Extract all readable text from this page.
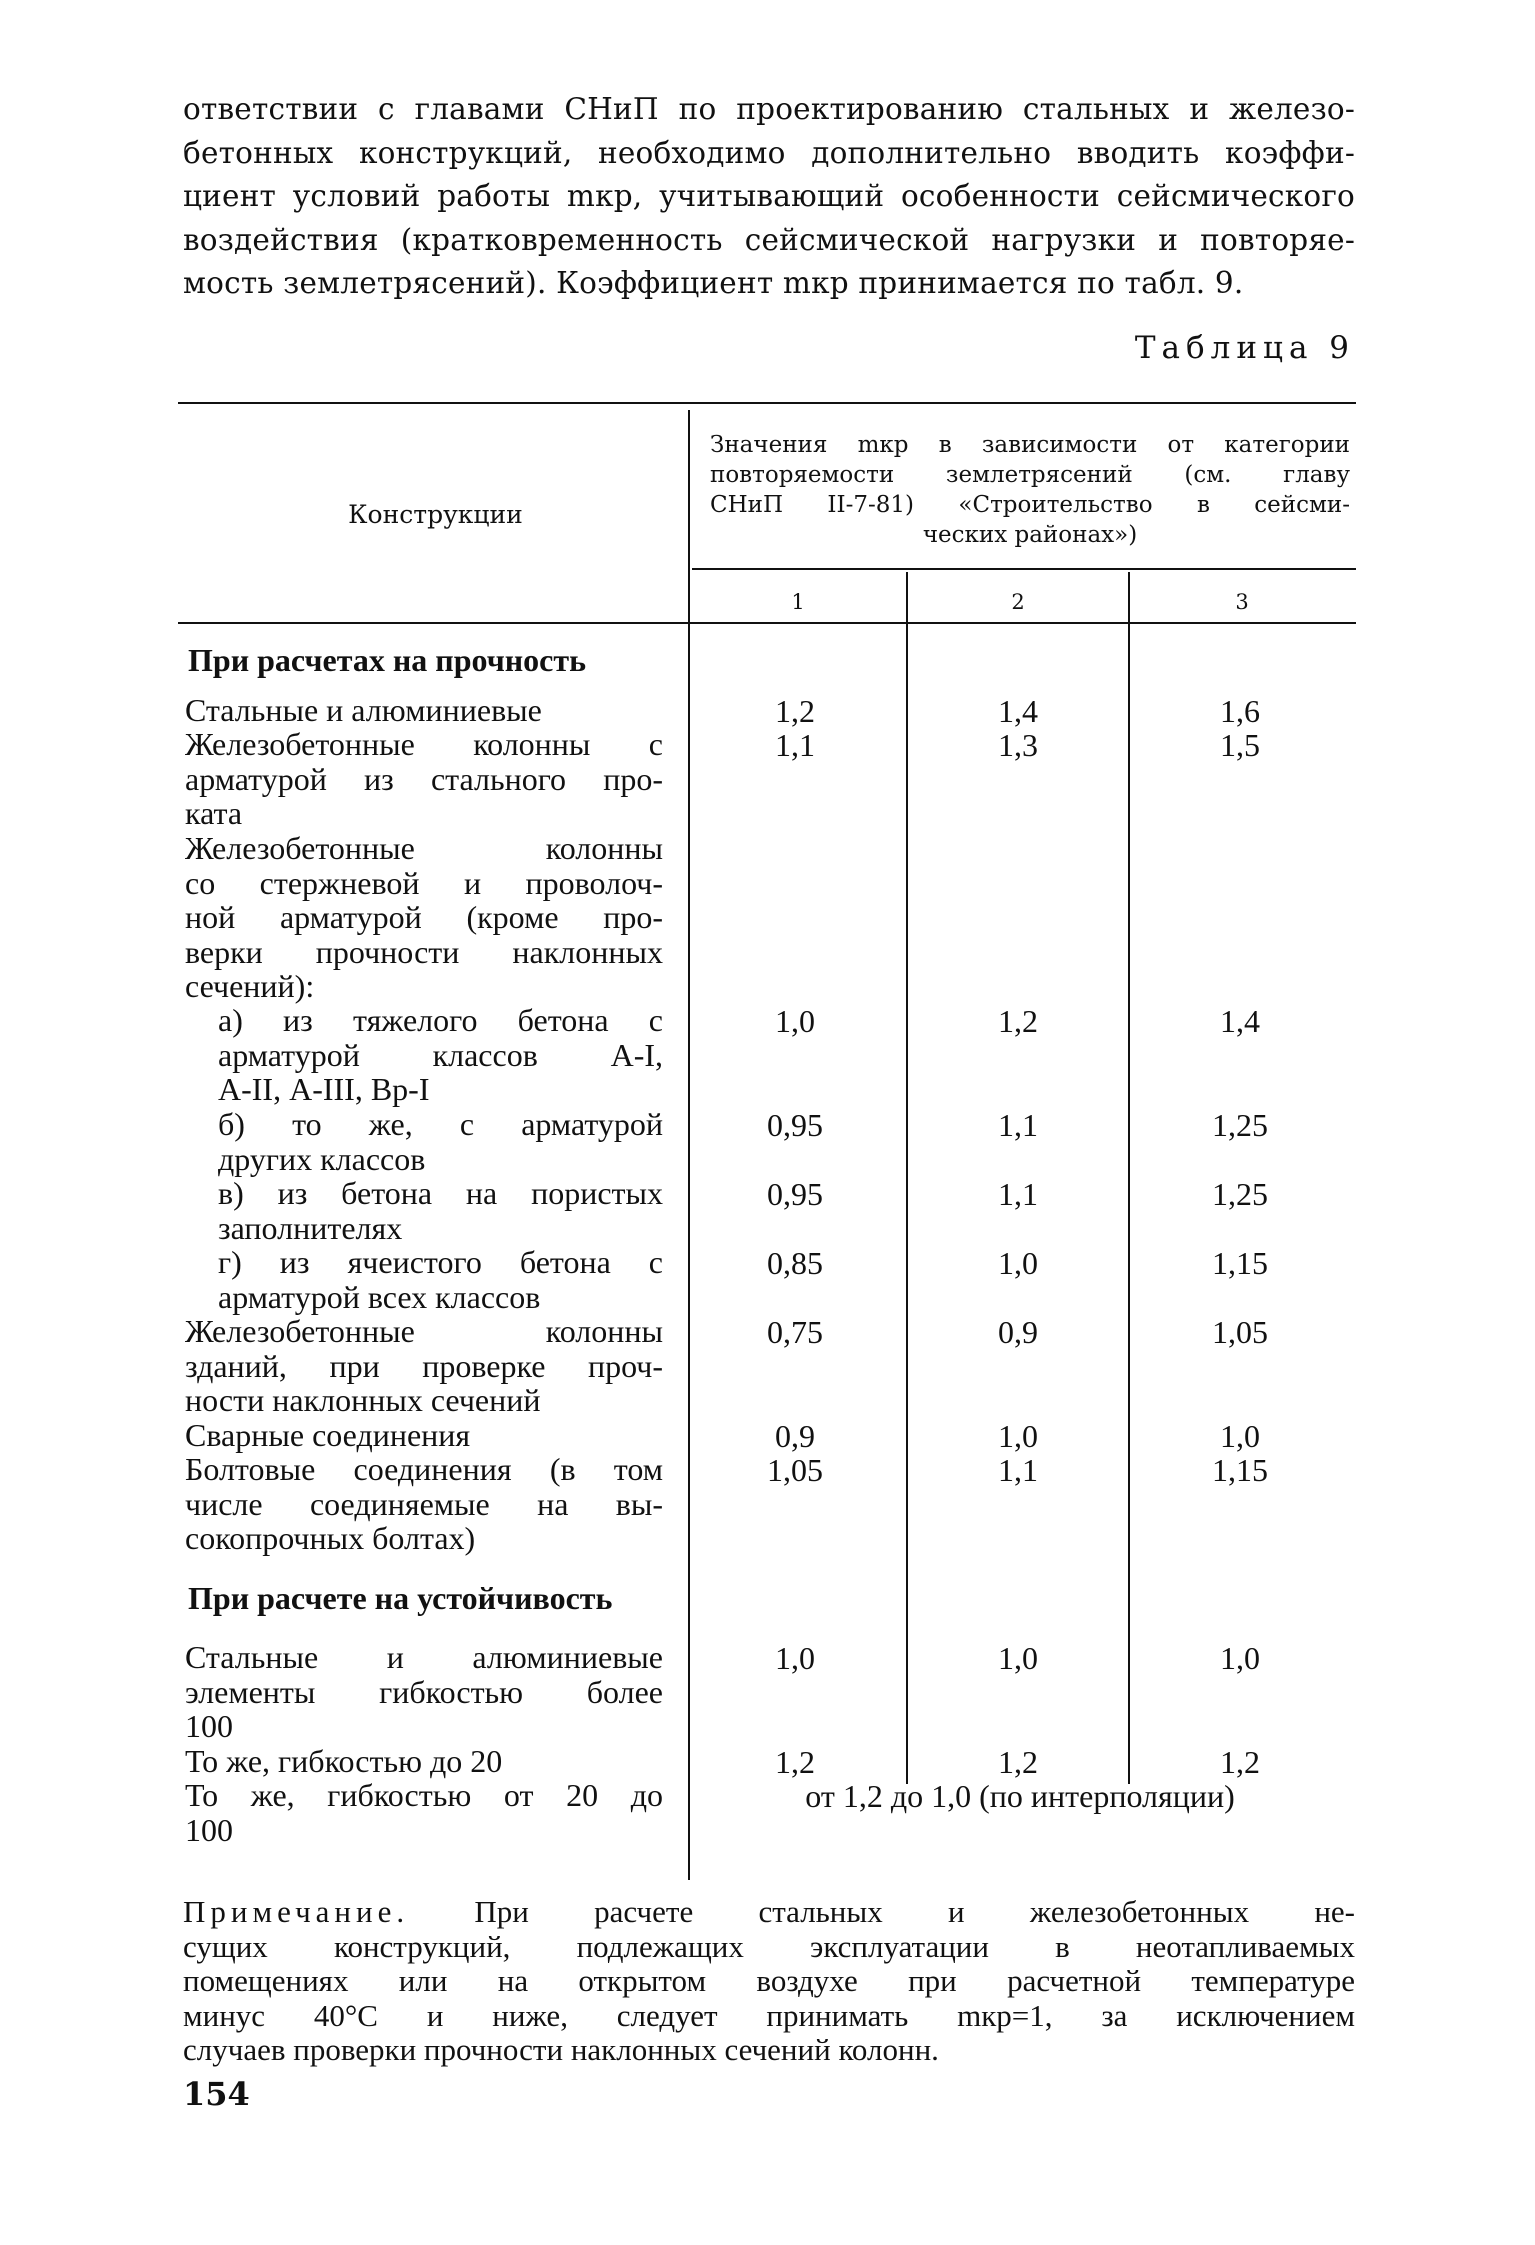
ответствии с главами СНиП по проектированию стальных и железо-
бетонных конструкций, необходимо дополнительно вводить коэффи-
циент условий работы mкр, учитывающий особенности сейсмического
воздействия (кратковременность сейсмической нагрузки и повторяе-
мость землетрясений). Коэффициент mкр принимается по табл. 9.
Таблица 9
Конструкции
Значения mкр в зависимости от категории
повторяемости землетрясений (см. главу
СНиП II-7-81) «Строительство в сейсми-
ческих районах»)
1	2	3
При расчетах на прочность
Стальные и алюминиевые	1,2	1,4	1,6
Железобетонные колонны с
арматурой из стального про-
ката
1,1	1,3	1,5
Железобетонные колонны
со стержневой и проволоч-
ной арматурой (кроме про-
верки прочности наклонных
сечений):
а) из тяжелого бетона с
арматурой классов А-I,
А-II, А-III, Вр-I
1,0	1,2	1,4
б) то же, с арматурой
других классов
0,95	1,1	1,25
в) из бетона на пористых
заполнителях
0,95	1,1	1,25
г) из ячеистого бетона с
арматурой всех классов
0,85	1,0	1,15
Железобетонные колонны
зданий, при проверке проч-
ности наклонных сечений
0,75	0,9	1,05
Сварные соединения	0,9	1,0	1,0
Болтовые соединения (в том
числе соединяемые на вы-
сокопрочных болтах)
1,05	1,1	1,15
При расчете на устойчивость
Стальные и алюминиевые
элементы гибкостью более
100
1,0	1,0	1,0
То же, гибкостью до 20	1,2	1,2	1,2
То же, гибкостью от 20 до
100
от 1,2 до 1,0 (по интерполяции)
Примечание. При расчете стальных и железобетонных не-
сущих конструкций, подлежащих эксплуатации в неотапливаемых
помещениях или на открытом воздухе при расчетной температуре
минус 40°С и ниже, следует принимать mкр=1, за исключением
случаев проверки прочности наклонных сечений колонн.
154
